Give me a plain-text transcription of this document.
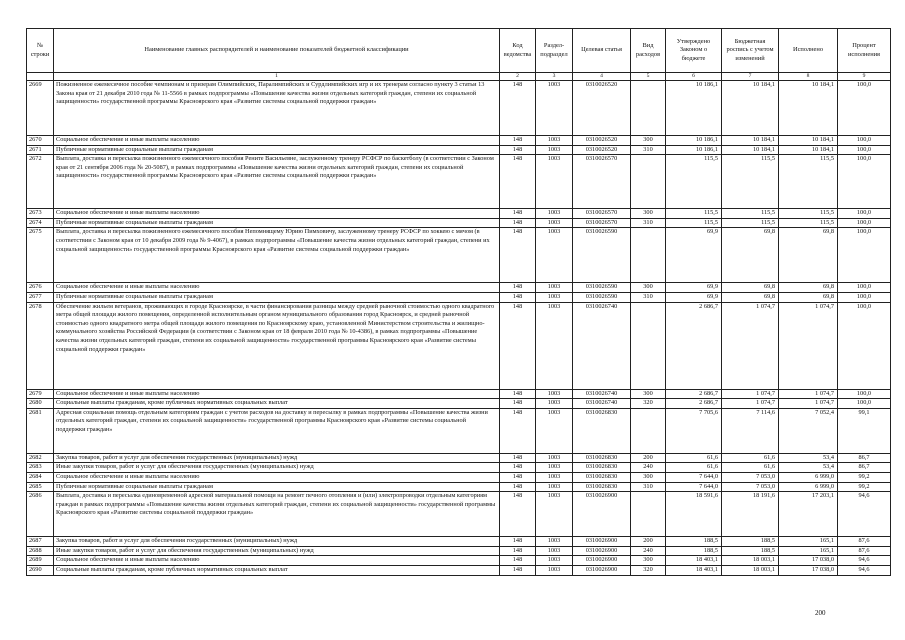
№ строки	Наименование главных распорядителей и наименование показателей бюджетной классификации	Код ведомства	Раздел-подраздел	Целевая статья	Вид расходов	Утверждено Законом о бюджете	Бюджетная роспись с учетом изменений	Исполнено	Процент исполнения
	1	2	3	4	5	6	7	8	9
2669	Пожизненное ежемесячное пособие чемпионам и призерам Олимпийских, Паралимпийских и Сурдлимпийских игр и их тренерам согласно пункту 3 статьи 13 Закона края от 21 декабря 2010 года № 11-5566 в рамках подпрограммы «Повышение качества жизни отдельных категорий граждан, степени их социальной защищенности» государственной программы Красноярского края «Развитие системы социальной поддержки граждан»	148	1003	0310026520		10 186,1	10 184,1	10 184,1	100,0
2670	Социальное обеспечение и иные выплаты населению	148	1003	0310026520	300	10 186,1	10 184,1	10 184,1	100,0
2671	Публичные нормативные социальные выплаты гражданам	148	1003	0310026520	310	10 186,1	10 184,1	10 184,1	100,0
2672	Выплата, доставка и пересылка пожизненного ежемесячного пособия Рените Васильевне, заслуженному тренеру РСФСР по баскетболу (в соответствии с Законом края от 21 сентября 2006 года № 20-5087), в рамках подпрограммы «Повышение качества жизни отдельных категорий граждан, степени их социальной защищенности» государственной программы Красноярского края «Развитие системы социальной поддержки граждан»	148	1003	0310026570		115,5	115,5	115,5	100,0
2673	Социальное обеспечение и иные выплаты населению	148	1003	0310026570	300	115,5	115,5	115,5	100,0
2674	Публичные нормативные социальные выплаты гражданам	148	1003	0310026570	310	115,5	115,5	115,5	100,0
2675	Выплата, доставка и пересылка пожизненного ежемесячного пособия Непомнящему Юрию Пимховичу, заслуженному тренеру РСФСР по хоккею с мячом (в соответствии с Законом края от 10 декабря 2009 года № 9-4067), в рамках подпрограммы «Повышение качества жизни отдельных категорий граждан, степени их социальной защищенности» государственной программы Красноярского края «Развитие системы социальной поддержки граждан»	148	1003	0310026590		69,9	69,8	69,8	100,0
2676	Социальное обеспечение и иные выплаты населению	148	1003	0310026590	300	69,9	69,8	69,8	100,0
2677	Публичные нормативные социальные выплаты гражданам	148	1003	0310026590	310	69,9	69,8	69,8	100,0
2678	Обеспечение жильем ветеранов, проживающих в городе Красноярске, в части финансирования разницы между средней рыночной стоимостью одного квадратного метра общей площади жилого помещения, определенной исполнительным органом муниципального образования город Красноярск, и средней рыночной стоимостью одного квадратного метра общей площади жилого помещения по Красноярскому краю, установленной Министерством строительства и жилищно-коммунального хозяйства Российской Федерации (в соответствии с Законом края от 18 февраля 2010 года № 10-4386), в рамках подпрограммы «Повышение качества жизни отдельных категорий граждан, степени их социальной защищенности» государственной программы Красноярского края «Развитие системы социальной поддержки граждан»	148	1003	0310026740		2 686,7	1 074,7	1 074,7	100,0
2679	Социальное обеспечение и иные выплаты населению	148	1003	0310026740	300	2 686,7	1 074,7	1 074,7	100,0
2680	Социальные выплаты гражданам, кроме публичных нормативных социальных выплат	148	1003	0310026740	320	2 686,7	1 074,7	1 074,7	100,0
2681	Адресная социальная помощь отдельным категориям граждан с учетом расходов на доставку и пересылку в рамках подпрограммы «Повышение качества жизни отдельных категорий граждан, степени их социальной защищенности» государственной программы Красноярского края «Развитие системы социальной поддержки граждан»	148	1003	0310026830		7 705,6	7 114,6	7 052,4	99,1
2682	Закупка товаров, работ и услуг для обеспечения государственных (муниципальных) нужд	148	1003	0310026830	200	61,6	61,6	53,4	86,7
2683	Иные закупки товаров, работ и услуг для обеспечения государственных (муниципальных) нужд	148	1003	0310026830	240	61,6	61,6	53,4	86,7
2684	Социальное обеспечение и иные выплаты населению	148	1003	0310026830	300	7 644,0	7 053,0	6 999,0	99,2
2685	Публичные нормативные социальные выплаты гражданам	148	1003	0310026830	310	7 644,0	7 053,0	6 999,0	99,2
2686	Выплата, доставка и пересылка единовременной адресной материальной помощи на ремонт печного отопления и (или) электропроводки отдельным категориям граждан в рамках подпрограммы «Повышение качества жизни отдельных категорий граждан, степени их социальной защищенности» государственной программы Красноярского края «Развитие системы социальной поддержки граждан»	148	1003	0310026900		18 591,6	18 191,6	17 203,1	94,6
2687	Закупка товаров, работ и услуг для обеспечения государственных (муниципальных) нужд	148	1003	0310026900	200	188,5	188,5	165,1	87,6
2688	Иные закупки товаров, работ и услуг для обеспечения государственных (муниципальных) нужд	148	1003	0310026900	240	188,5	188,5	165,1	87,6
2689	Социальное обеспечение и иные выплаты населению	148	1003	0310026900	300	18 403,1	18 003,1	17 038,0	94,6
2690	Социальные выплаты гражданам, кроме публичных нормативных социальных выплат	148	1003	0310026900	320	18 403,1	18 003,1	17 038,0	94,6
200
